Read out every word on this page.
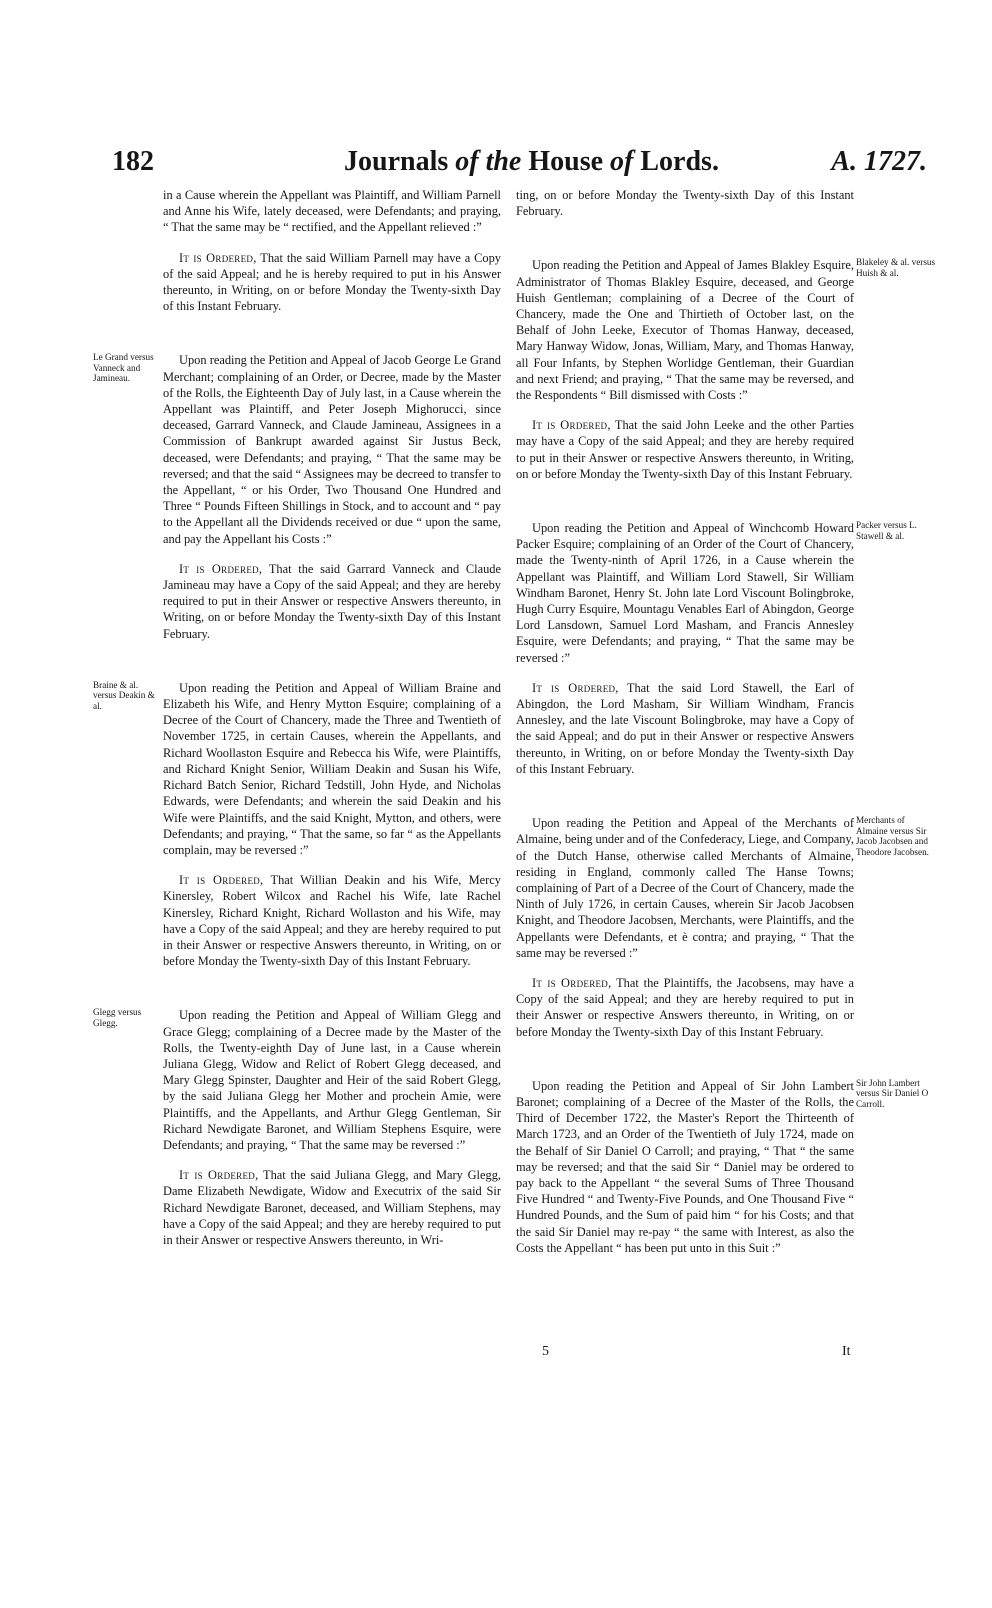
182	Journals of the House of Lords.	A. 1727.

in a Cause wherein the Appellant was Plaintiff, and William Parnell and Anne his Wife, lately deceased, were Defendants; and praying, “ That the same may be “ rectified, and the Appellant relieved :”

It is Ordered, That the said William Parnell may have a Copy of the said Appeal; and he is hereby required to put in his Answer thereunto, in Writing, on or before Monday the Twenty-sixth Day of this Instant February.

Le Grand versus Vanneck and Jamineau.
Upon reading the Petition and Appeal of Jacob George Le Grand Merchant; complaining of an Order, or Decree, made by the Master of the Rolls, the Eighteenth Day of July last, in a Cause wherein the Appellant was Plaintiff, and Peter Joseph Mighorucci, since deceased, Garrard Vanneck, and Claude Jamineau, Assignees in a Commission of Bankrupt awarded against Sir Justus Beck, deceased, were Defendants; and praying, “ That the same may be reversed; and that the said “ Assignees may be decreed to transfer to the Appellant, “ or his Order, Two Thousand One Hundred and Three “ Pounds Fifteen Shillings in Stock, and to account and “ pay to the Appellant all the Dividends received or due “ upon the same, and pay the Appellant his Costs :”

It is Ordered, That the said Garrard Vanneck and Claude Jamineau may have a Copy of the said Appeal; and they are hereby required to put in their Answer or respective Answers thereunto, in Writing, on or before Monday the Twenty-sixth Day of this Instant February.

Braine & al. versus Deakin & al.
Upon reading the Petition and Appeal of William Braine and Elizabeth his Wife, and Henry Mytton Esquire; complaining of a Decree of the Court of Chancery, made the Three and Twentieth of November 1725, in certain Causes, wherein the Appellants, and Richard Woollaston Esquire and Rebecca his Wife, were Plaintiffs, and Richard Knight Senior, William Deakin and Susan his Wife, Richard Batch Senior, Richard Tedstill, John Hyde, and Nicholas Edwards, were Defendants; and wherein the said Deakin and his Wife were Plaintiffs, and the said Knight, Mytton, and others, were Defendants; and praying, “ That the same, so far “ as the Appellants complain, may be reversed :”

It is Ordered, That Willian Deakin and his Wife, Mercy Kinersley, Robert Wilcox and Rachel his Wife, late Rachel Kinersley, Richard Knight, Richard Wollaston and his Wife, may have a Copy of the said Appeal; and they are hereby required to put in their Answer or respective Answers thereunto, in Writing, on or before Monday the Twenty-sixth Day of this Instant February.

Glegg versus Glegg.
Upon reading the Petition and Appeal of William Glegg and Grace Glegg; complaining of a Decree made by the Master of the Rolls, the Twenty-eighth Day of June last, in a Cause wherein Juliana Glegg, Widow and Relict of Robert Glegg deceased, and Mary Glegg Spinster, Daughter and Heir of the said Robert Glegg, by the said Juliana Glegg her Mother and prochein Amie, were Plaintiffs, and the Appellants, and Arthur Glegg Gentleman, Sir Richard Newdigate Baronet, and William Stephens Esquire, were Defendants; and praying, “ That the same may be reversed :”

It is Ordered, That the said Juliana Glegg, and Mary Glegg, Dame Elizabeth Newdigate, Widow and Executrix of the said Sir Richard Newdigate Baronet, deceased, and William Stephens, may have a Copy of the said Appeal; and they are hereby required to put in their Answer or respective Answers thereunto, in Wri-

ting, on or before Monday the Twenty-sixth Day of this Instant February.

Blakeley & al. versus Huish & al.
Upon reading the Petition and Appeal of James Blakley Esquire, Administrator of Thomas Blakley Esquire, deceased, and George Huish Gentleman; complaining of a Decree of the Court of Chancery, made the One and Thirtieth of October last, on the Behalf of John Leeke, Executor of Thomas Hanway, deceased, Mary Hanway Widow, Jonas, William, Mary, and Thomas Hanway, all Four Infants, by Stephen Worlidge Gentleman, their Guardian and next Friend; and praying, “ That the same may be reversed, and the Respondents “ Bill dismissed with Costs :”

It is Ordered, That the said John Leeke and the other Parties may have a Copy of the said Appeal; and they are hereby required to put in their Answer or respective Answers thereunto, in Writing, on or before Monday the Twenty-sixth Day of this Instant February.

Packer versus L. Stawell & al.
Upon reading the Petition and Appeal of Winchcomb Howard Packer Esquire; complaining of an Order of the Court of Chancery, made the Twenty-ninth of April 1726, in a Cause wherein the Appellant was Plaintiff, and William Lord Stawell, Sir William Windham Baronet, Henry St. John late Lord Viscount Bolingbroke, Hugh Curry Esquire, Mountagu Venables Earl of Abingdon, George Lord Lansdown, Samuel Lord Masham, and Francis Annesley Esquire, were Defendants; and praying, “ That the same may be reversed :”

It is Ordered, That the said Lord Stawell, the Earl of Abingdon, the Lord Masham, Sir William Windham, Francis Annesley, and the late Viscount Bolingbroke, may have a Copy of the said Appeal; and do put in their Answer or respective Answers thereunto, in Writing, on or before Monday the Twenty-sixth Day of this Instant February.

Merchants of Almaine versus Sir Jacob Jacobsen and Theodore Jacobsen.
Upon reading the Petition and Appeal of the Merchants of Almaine, being under and of the Confederacy, Liege, and Company, of the Dutch Hanse, otherwise called Merchants of Almaine, residing in England, commonly called The Hanse Towns; complaining of Part of a Decree of the Court of Chancery, made the Ninth of July 1726, in certain Causes, wherein Sir Jacob Jacobsen Knight, and Theodore Jacobsen, Merchants, were Plaintiffs, and the Appellants were Defendants, et è contra; and praying, “ That the same may be reversed :”

It is Ordered, That the Plaintiffs, the Jacobsens, may have a Copy of the said Appeal; and they are hereby required to put in their Answer or respective Answers thereunto, in Writing, on or before Monday the Twenty-sixth Day of this Instant February.

Sir John Lambert versus Sir Daniel O Carroll.
Upon reading the Petition and Appeal of Sir John Lambert Baronet; complaining of a Decree of the Master of the Rolls, the Third of December 1722, the Master's Report the Thirteenth of March 1723, and an Order of the Twentieth of July 1724, made on the Behalf of Sir Daniel O Carroll; and praying, “ That “ the same may be reversed; and that the said Sir “ Daniel may be ordered to pay back to the Appellant “ the several Sums of Three Thousand Five Hundred “ and Twenty-Five Pounds, and One Thousand Five “ Hundred Pounds, and the Sum of paid him “ for his Costs; and that the said Sir Daniel may re-pay “ the same with Interest, as also the Costs the Appellant “ has been put unto in this Suit :”

5	It
